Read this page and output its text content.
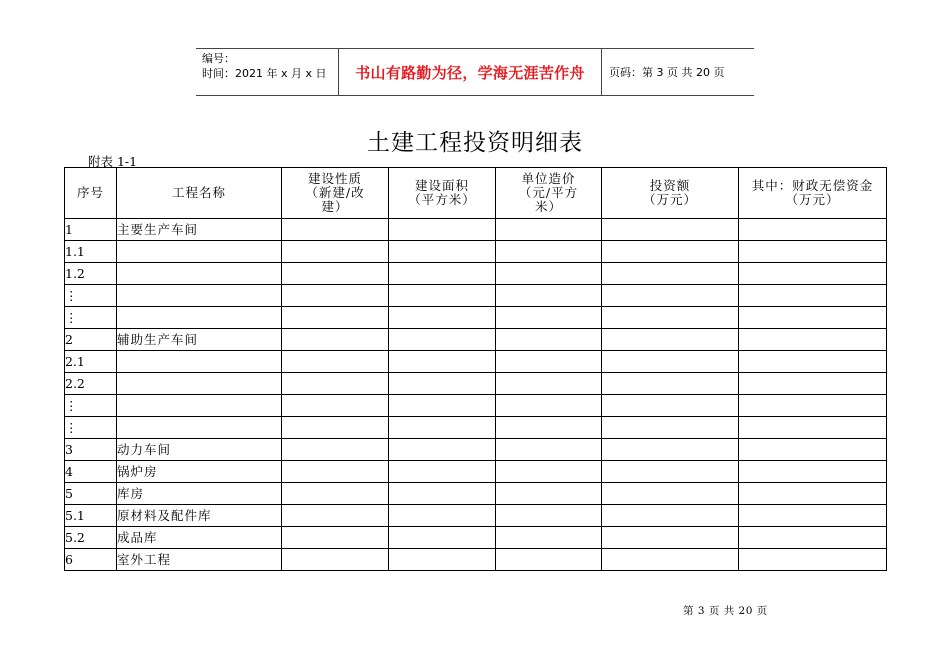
编号：
时间：2021 年 x 月 x 日	书山有路勤为径，学海无涯苦作舟	页码：第 3 页 共 20 页
土建工程投资明细表
附表 1-1
序号	工程名称	建设性质
（新建/改
建）	建设面积
（平方米）	单位造价
（元/平方
米）	投资额
（万元）	其中：财政无偿资金
（万元）

1	主要生产车间					
1.1						
1.2						
⋮						
⋮						
2	辅助生产车间					
2.1						
2.2						
⋮						
⋮						
3	动力车间					
4	锅炉房					
5	库房					
5.1	原材料及配件库					
5.2	成品库					
6	室外工程					
第 3 页 共 20 页
